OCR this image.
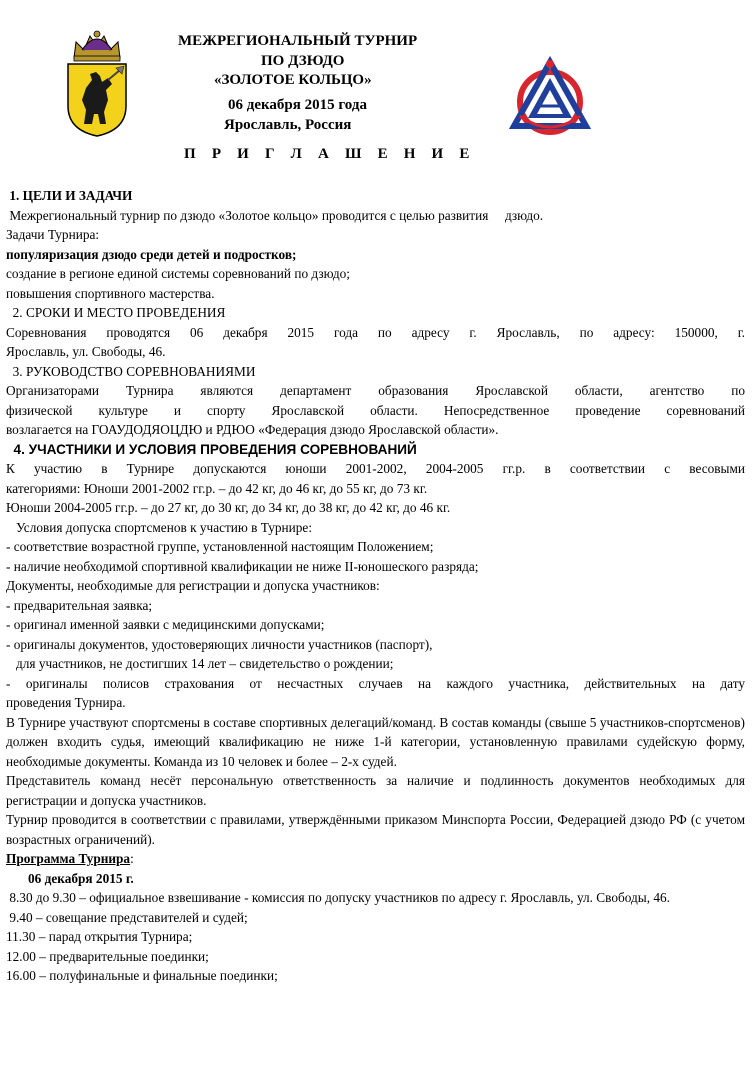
МЕЖРЕГИОНАЛЬНЫЙ ТУРНИР
ПО ДЗЮДО
«ЗОЛОТОЕ КОЛЬЦО»
06 декабря 2015 года
Ярославль, Россия
П Р И Г Л А Ш Е Н И Е
1. ЦЕЛИ И ЗАДАЧИ
Межрегиональный турнир по дзюдо «Золотое кольцо» проводится с целью развития     дзюдо.
Задачи Турнира:
популяризация дзюдо среди детей и подростков;
создание в регионе единой системы соревнований по дзюдо;
повышения спортивного мастерства.
2. СРОКИ И МЕСТО ПРОВЕДЕНИЯ
Соревнования проводятся 06 декабря 2015 года по адресу г. Ярославль, по адресу: 150000, г.
Ярославль, ул. Свободы, 46.
3. РУКОВОДСТВО СОРЕВНОВАНИЯМИ
Организаторами Турнира являются департамент образования Ярославской области, агентство по
физической культуре и спорту Ярославской области. Непосредственное проведение соревнований
возлагается на ГОАУДОДЯОЦДЮ и РДЮО «Федерация дзюдо Ярославской области».
4. УЧАСТНИКИ И УСЛОВИЯ ПРОВЕДЕНИЯ СОРЕВНОВАНИЙ
К участию в Турнире допускаются юноши 2001-2002, 2004-2005 гг.р. в соответствии с весовыми
категориями: Юноши 2001-2002 гг.р. – до 42 кг, до 46 кг, до 55 кг, до 73 кг.
Юноши 2004-2005 гг.р. – до 27 кг, до 30 кг, до 34 кг, до 38 кг, до 42 кг, до 46 кг.
Условия допуска спортсменов к участию в Турнире:
- соответствие возрастной группе, установленной настоящим Положением;
- наличие необходимой спортивной квалификации не ниже II-юношеского разряда;
Документы, необходимые для регистрации и допуска участников:
- предварительная заявка;
- оригинал именной заявки с медицинскими допусками;
- оригиналы документов, удостоверяющих личности участников (паспорт),
для участников, не достигших 14 лет – свидетельство о рождении;
- оригиналы полисов страхования от несчастных случаев на каждого участника, действительных на дату
проведения Турнира.
В Турнире участвуют спортсмены в составе спортивных делегаций/команд. В состав команды (свыше 5 участников-спортсменов) должен входить судья, имеющий квалификацию не ниже 1-й категории, установленную правилами судейскую форму, необходимые документы. Команда из 10 человек и более – 2-х судей.
Представитель команд несёт персональную ответственность за наличие и подлинность документов необходимых для регистрации и допуска участников.
Турнир проводится в соответствии с правилами, утверждёнными приказом Минспорта России, Федерацией дзюдо РФ (с учетом возрастных ограничений).
Программа Турнира:
06 декабря 2015 г.
8.30 до 9.30 – официальное взвешивание - комиссия по допуску участников по адресу г. Ярославль, ул. Свободы, 46.
9.40 – совещание представителей и судей;
11.30 – парад открытия Турнира;
12.00 – предварительные поединки;
16.00 – полуфинальные и финальные поединки;
